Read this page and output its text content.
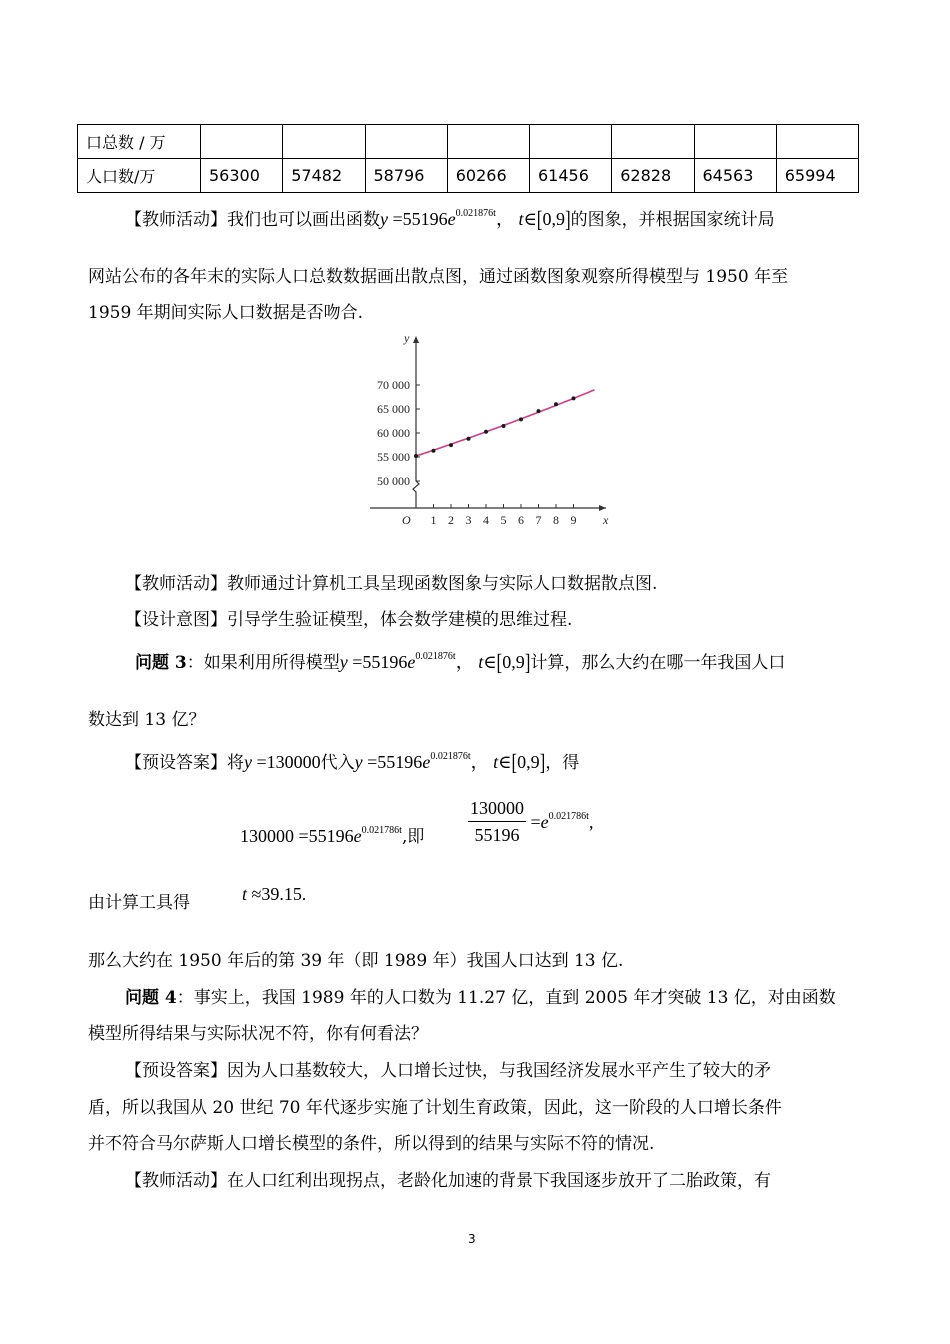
口总数 / 万								
人口数/万	56300	57482	58796	60266	61456	62828	64563	65994
【教师活动】我们也可以画出函数$y =55196e^{0.021876t}$， t∈[0,9]的图象，并根据国家统计局
网站公布的各年末的实际人口总数数据画出散点图，通过函数图象观察所得模型与 1950 年至
1959 年期间实际人口数据是否吻合.
y
x
O 1 2 3 4 5 6 7 8 9
50 000
55 000
60 000
65 000
70 000
【教师活动】教师通过计算机工具呈现函数图象与实际人口数据散点图.
【设计意图】引导学生验证模型，体会数学建模的思维过程.
问题 3：如果利用所得模型$y =55196e^{0.021876t}$， t∈[0,9]计算，那么大约在哪一年我国人口
数达到 13 亿？
【预设答案】将y =130000代入$y =55196e^{0.021876t}$， t∈[0,9]，得
$130000 =55196e^{0.021786t}$,即 $\frac{130000}{55196} =e^{0.021786t}$,
由计算工具得	t ≈39.15.
那么大约在 1950 年后的第 39 年（即 1989 年）我国人口达到 13 亿.
问题 4：事实上，我国 1989 年的人口数为 11.27 亿，直到 2005 年才突破 13 亿，对由函数
模型所得结果与实际状况不符，你有何看法？
【预设答案】因为人口基数较大，人口增长过快，与我国经济发展水平产生了较大的矛
盾，所以我国从 20 世纪 70 年代逐步实施了计划生育政策，因此，这一阶段的人口增长条件
并不符合马尔萨斯人口增长模型的条件，所以得到的结果与实际不符的情况.
【教师活动】在人口红利出现拐点，老龄化加速的背景下我国逐步放开了二胎政策，有
3
